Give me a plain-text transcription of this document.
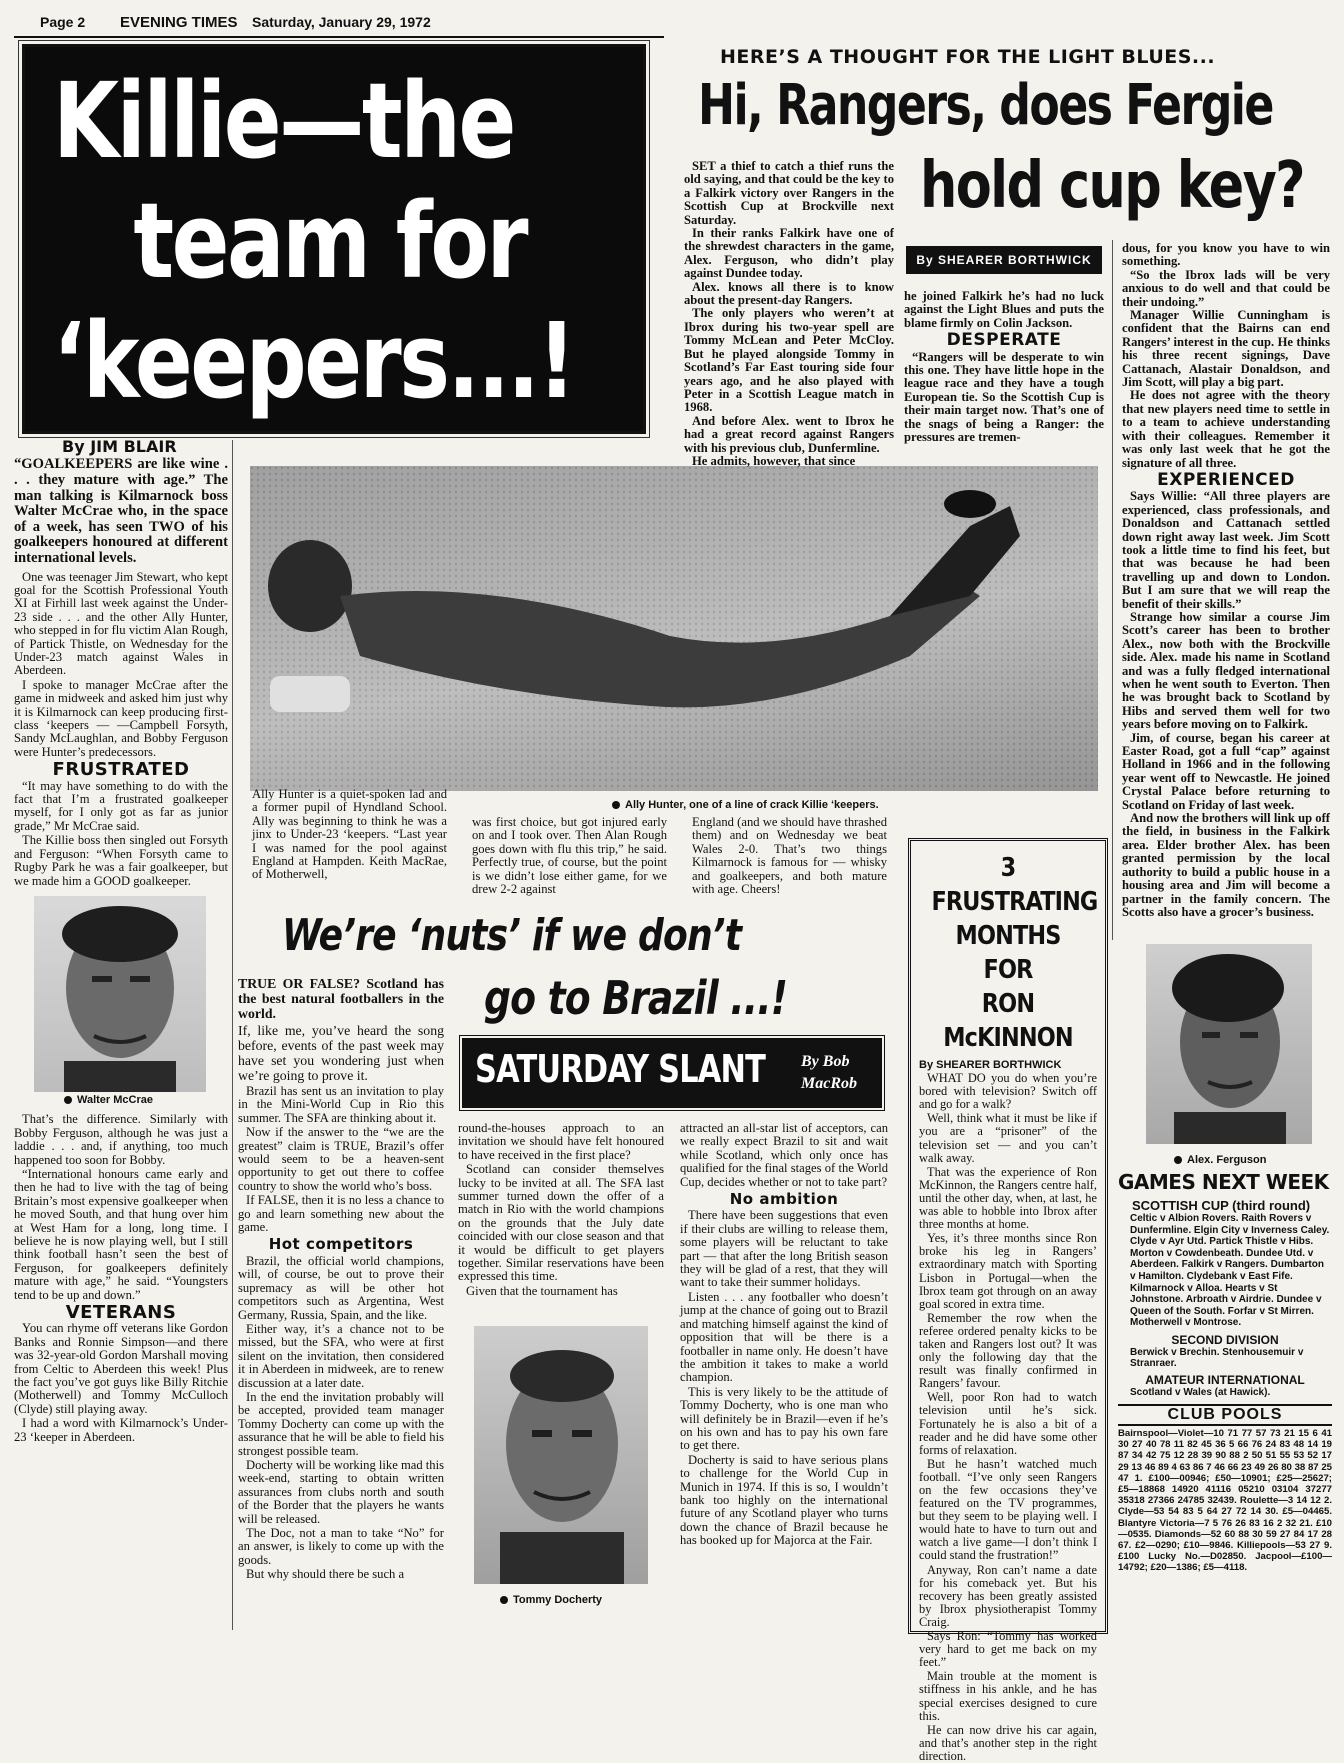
Page 2 EVENING TIMES Saturday, January 29, 1972
Killie—the
team for
‘keepers...!
By JIM BLAIR
“GOALKEEPERS are like wine . . . they mature with age.” The man talking is Kilmarnock boss Walter McCrae who, in the space of a week, has seen TWO of his goalkeepers honoured at different international levels.

One was teenager Jim Stewart, who kept goal for the Scottish Professional Youth XI at Firhill last week against the Under-23 side . . . and the other Ally Hunter, who stepped in for flu victim Alan Rough, of Partick Thistle, on Wednesday for the Under-23 match against Wales in Aberdeen.

I spoke to manager McCrae after the game in midweek and asked him just why it is Kilmarnock can keep producing first-class ‘keepers — —Campbell Forsyth, Sandy McLaughlan, and Bobby Ferguson were Hunter’s predecessors.

FRUSTRATED

“It may have something to do with the fact that I’m a frustrated goalkeeper myself, for I only got as far as junior grade,” Mr McCrae said.

The Killie boss then singled out Forsyth and Ferguson: “When Forsyth came to Rugby Park he was a fair goalkeeper, but we made him a GOOD goalkeeper.

Walter McCrae

That’s the difference. Similarly with Bobby Ferguson, although he was just a laddie . . . and, if anything, too much happened too soon for Bobby.

“International honours came early and then he had to live with the tag of being Britain’s most expensive goalkeeper when he moved South, and that hung over him at West Ham for a long, long time. I believe he is now playing well, but I still think football hasn’t seen the best of Ferguson, for goalkeepers definitely mature with age,” he said. “Youngsters tend to be up and down.”

VETERANS

You can rhyme off veterans like Gordon Banks and Ronnie Simpson—and there was 32-year-old Gordon Marshall moving from Celtic to Aberdeen this week! Plus the fact you’ve got guys like Billy Ritchie (Motherwell) and Tommy McCulloch (Clyde) still playing away.

I had a word with Kilmarnock’s Under-23 ‘keeper in Aberdeen.

Ally Hunter, one of a line of crack Killie ‘keepers.
Ally Hunter is a quiet-spoken lad and a former pupil of Hyndland School. Ally was beginning to think he was a jinx to Under-23 ‘keepers. “Last year I was named for the pool against England at Hampden. Keith MacRae, of Motherwell,
was first choice, but got injured early on and I took over. Then Alan Rough goes down with flu this trip,” he said. Perfectly true, of course, but the point is we didn’t lose either game, for we drew 2-2 against
England (and we should have thrashed them) and on Wednesday we beat Wales 2-0. That’s two things Kilmarnock is famous for — whisky and goalkeepers, and both mature with age. Cheers!
HERE’S A THOUGHT FOR THE LIGHT BLUES...
Hi, Rangers, does Fergie
hold cup key?

SET a thief to catch a thief runs the old saying, and that could be the key to a Falkirk victory over Rangers in the Scottish Cup at Brockville next Saturday.

In their ranks Falkirk have one of the shrewdest characters in the game, Alex. Ferguson, who didn’t play against Dundee today.

Alex. knows all there is to know about the present-day Rangers.

The only players who weren’t at Ibrox during his two-year spell are Tommy McLean and Peter McCloy. But he played alongside Tommy in Scotland’s Far East touring side four years ago, and he also played with Peter in a Scottish League match in 1968.

And before Alex. went to Ibrox he had a great record against Rangers with his previous club, Dunfermline.

He admits, however, that since

By SHEARER BORTHWICK

he joined Falkirk he’s had no luck against the Light Blues and puts the blame firmly on Colin Jackson.

DESPERATE

“Rangers will be desperate to win this one. They have little hope in the league race and they have a tough European tie. So the Scottish Cup is their main target now. That’s one of the snags of being a Ranger: the pressures are tremen-

dous, for you know you have to win something.

“So the Ibrox lads will be very anxious to do well and that could be their undoing.”

Manager Willie Cunningham is confident that the Bairns can end Rangers’ interest in the cup. He thinks his three recent signings, Dave Cattanach, Alastair Donaldson, and Jim Scott, will play a big part.

He does not agree with the theory that new players need time to settle in to a team to achieve understanding with their colleagues. Remember it was only last week that he got the signature of all three.

EXPERIENCED

Says Willie: “All three players are experienced, class professionals, and Donaldson and Cattanach settled down right away last week. Jim Scott took a little time to find his feet, but that was because he had been travelling up and down to London. But I am sure that we will reap the benefit of their skills.”

Strange how similar a course Jim Scott’s career has been to brother Alex., now both with the Brockville side. Alex. made his name in Scotland and was a fully fledged international when he went south to Everton. Then he was brought back to Scotland by Hibs and served them well for two years before moving on to Falkirk.

Jim, of course, began his career at Easter Road, got a full “cap” against Holland in 1966 and in the following year went off to Newcastle. He joined Crystal Palace before returning to Scotland on Friday of last week.

And now the brothers will link up off the field, in business in the Falkirk area. Elder brother Alex. has been granted permission by the local authority to build a public house in a housing area and Jim will become a partner in the family concern. The Scotts also have a grocer’s business.

Alex. Ferguson
GAMES NEXT WEEK
SCOTTISH CUP (third round)
Celtic v Albion Rovers. Raith Rovers v Dunfermline. Elgin City v Inverness Caley. Clyde v Ayr Utd. Partick Thistle v Hibs. Morton v Cowdenbeath. Dundee Utd. v Aberdeen. Falkirk v Rangers. Dumbarton v Hamilton. Clydebank v East Fife. Kilmarnock v Alloa. Hearts v St Johnstone. Arbroath v Airdrie. Dundee v Queen of the South. Forfar v St Mirren. Motherwell v Montrose.
SECOND DIVISION
Berwick v Brechin. Stenhousemuir v Stranraer.
AMATEUR INTERNATIONAL
Scotland v Wales (at Hawick).
CLUB POOLS
Bairnspool—Violet—10 71 77 57 73 21 15 6 41 30 27 40 78 11 82 45 36 5 66 76 24 83 48 14 19 87 34 42 75 12 28 39 90 88 2 50 51 55 53 52 17 29 13 46 89 4 63 86 7 46 66 23 49 26 80 38 87 25 47 1. £100—00946; £50—10901; £25—25627; £5—18868 14920 41116 05210 03104 37277 35318 27366 24785 32439. Roulette—3 14 12 2. Clyde—53 54 83 5 64 27 72 14 30. £5—04465. Blantyre Victoria—7 5 76 26 83 16 2 32 21. £10—0535. Diamonds—52 60 88 30 59 27 84 17 28 67. £2—0290; £10—9846. Killiepools—53 27 9. £100 Lucky No.—D02850. Jacpool—£100—14792; £20—1386; £5—4118.
3 FRUSTRATING
MONTHS FOR
RON McKINNON
By SHEARER BORTHWICK

WHAT DO you do when you’re bored with television? Switch off and go for a walk?

Well, think what it must be like if you are a “prisoner” of the television set — and you can’t walk away.

That was the experience of Ron McKinnon, the Rangers centre half, until the other day, when, at last, he was able to hobble into Ibrox after three months at home.

Yes, it’s three months since Ron broke his leg in Rangers’ extraordinary match with Sporting Lisbon in Portugal—when the Ibrox team got through on an away goal scored in extra time.

Remember the row when the referee ordered penalty kicks to be taken and Rangers lost out? It was only the following day that the result was finally confirmed in Rangers’ favour.

Well, poor Ron had to watch television until he’s sick. Fortunately he is also a bit of a reader and he did have some other forms of relaxation.

But he hasn’t watched much football. “I’ve only seen Rangers on the few occasions they’ve featured on the TV programmes, but they seem to be playing well. I would hate to have to turn out and watch a live game—I don’t think I could stand the frustration!”

Anyway, Ron can’t name a date for his comeback yet. But his recovery has been greatly assisted by Ibrox physiotherapist Tommy Craig.

Says Ron: “Tommy has worked very hard to get me back on my feet.”

Main trouble at the moment is stiffness in his ankle, and he has special exercises designed to cure this.

He can now drive his car again, and that’s another step in the right direction.

We’re ‘nuts’ if we don’t
go to Brazil ...!
SATURDAY SLANT By Bob
MacRob
TRUE OR FALSE? Scotland has the best natural footballers in the world.
If, like me, you’ve heard the song before, events of the past week may have set you wondering just when we’re going to prove it.

Brazil has sent us an invitation to play in the Mini-World Cup in Rio this summer. The SFA are thinking about it.

Now if the answer to the “we are the greatest” claim is TRUE, Brazil’s offer would seem to be a heaven-sent opportunity to get out there to coffee country to show the world who’s boss.

If FALSE, then it is no less a chance to go and learn something new about the game.

Hot competitors

Brazil, the official world champions, will, of course, be out to prove their supremacy as will be other hot competitors such as Argentina, West Germany, Russia, Spain, and the like.

Either way, it’s a chance not to be missed, but the SFA, who were at first silent on the invitation, then considered it in Aberdeen in midweek, are to renew discussion at a later date.

In the end the invitation probably will be accepted, provided team manager Tommy Docherty can come up with the assurance that he will be able to field his strongest possible team.

Docherty will be working like mad this week-end, starting to obtain written assurances from clubs north and south of the Border that the players he wants will be released.

The Doc, not a man to take “No” for an answer, is likely to come up with the goods.

But why should there be such a

round-the-houses approach to an invitation we should have felt honoured to have received in the first place?

Scotland can consider themselves lucky to be invited at all. The SFA last summer turned down the offer of a match in Rio with the world champions on the grounds that the July date coincided with our close season and that it would be difficult to get players together. Similar reservations have been expressed this time.

Given that the tournament has

Tommy Docherty

attracted an all-star list of acceptors, can we really expect Brazil to sit and wait while Scotland, which only once has qualified for the final stages of the World Cup, decides whether or not to take part?

No ambition

There have been suggestions that even if their clubs are willing to release them, some players will be reluctant to take part — that after the long British season they will be glad of a rest, that they will want to take their summer holidays.

Listen . . . any footballer who doesn’t jump at the chance of going out to Brazil and matching himself against the kind of opposition that will be there is a footballer in name only. He doesn’t have the ambition it takes to make a world champion.

This is very likely to be the attitude of Tommy Docherty, who is one man who will definitely be in Brazil—even if he’s on his own and has to pay his own fare to get there.

Docherty is said to have serious plans to challenge for the World Cup in Munich in 1974. If this is so, I wouldn’t bank too highly on the international future of any Scotland player who turns down the chance of Brazil because he has booked up for Majorca at the Fair.
